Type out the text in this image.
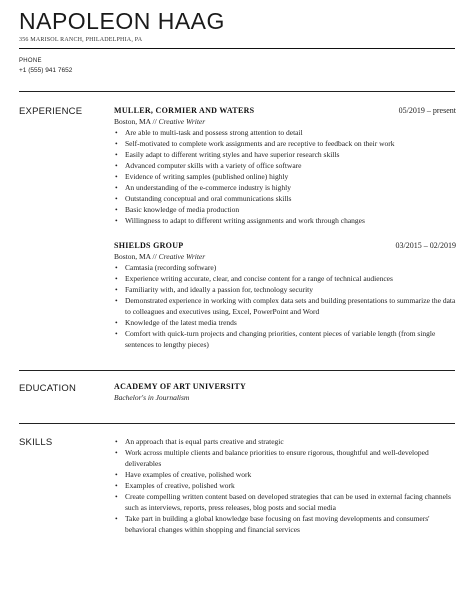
NAPOLEON HAAG
356 MARISOL RANCH, PHILADELPHIA, PA
PHONE
+1 (555) 941 7652
EXPERIENCE	MULLER, CORMIER AND WATERS	05/2019 – present
Boston, MA // Creative Writer
• Are able to multi-task and possess strong attention to detail
• Self-motivated to complete work assignments and are receptive to feedback on their work
• Easily adapt to different writing styles and have superior research skills
• Advanced computer skills with a variety of office software
• Evidence of writing samples (published online) highly
• An understanding of the e-commerce industry is highly
• Outstanding conceptual and oral communications skills
• Basic knowledge of media production
• Willingness to adapt to different writing assignments and work through changes
SHIELDS GROUP	03/2015 – 02/2019
Boston, MA // Creative Writer
• Camtasia (recording software)
• Experience writing accurate, clear, and concise content for a range of technical audiences
• Familiarity with, and ideally a passion for, technology security
• Demonstrated experience in working with complex data sets and building presentations to summarize the data to colleagues and executives using, Excel, PowerPoint and Word
• Knowledge of the latest media trends
• Comfort with quick-turn projects and changing priorities, content pieces of variable length (from single sentences to lengthy pieces)
EDUCATION	ACADEMY OF ART UNIVERSITY
Bachelor's in Journalism
SKILLS
•	An approach that is equal parts creative and strategic
• Work across multiple clients and balance priorities to ensure rigorous, thoughtful and well-developed deliverables
• Have examples of creative, polished work
• Examples of creative, polished work
• Create compelling written content based on developed strategies that can be used in external facing channels such as interviews, reports, press releases, blog posts and social media
• Take part in building a global knowledge base focusing on fast moving developments and consumers' behavioral changes within shopping and financial services
